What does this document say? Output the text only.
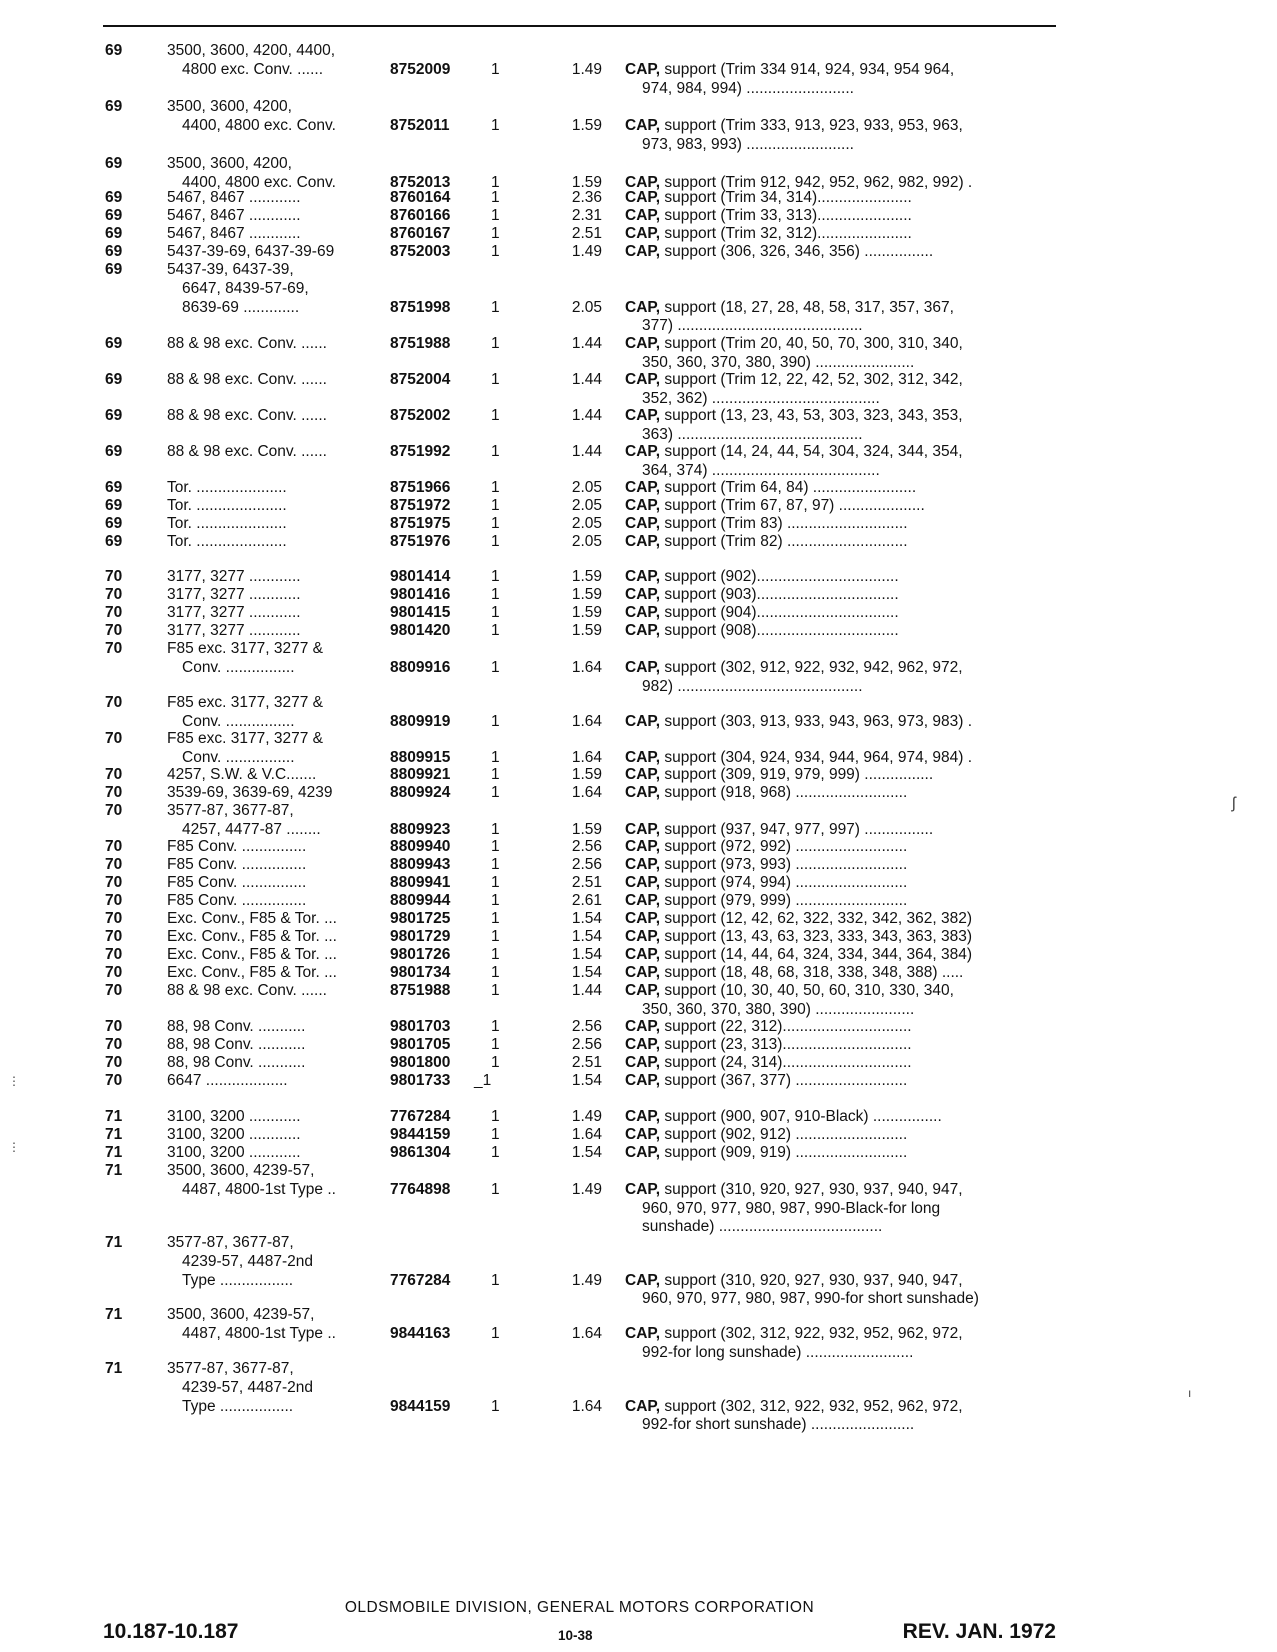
69	3500, 3600, 4200, 4400,
4800 exc. Conv. ......	8752009	1	1.49 CAP, support (Trim 334 914, 924, 934, 954 964,
974, 984, 994) .........................
69	3500, 3600, 4200,
4400, 4800 exc. Conv.	8752011	1	1.59 CAP, support (Trim 333, 913, 923, 933, 953, 963,
973, 983, 993) .........................
69	3500, 3600, 4200,
4400, 4800 exc. Conv.	8752013	1	1.59 CAP, support (Trim 912, 942, 952, 962, 982, 992) .
69	5467, 8467 ............	8760164	1	2.36 CAP, support (Trim 34, 314)......................
69	5467, 8467 ............	8760166	1	2.31 CAP, support (Trim 33, 313)......................
69	5467, 8467 ............	8760167	1	2.51 CAP, support (Trim 32, 312)......................
69	5437-39-69, 6437-39-69	8752003	1	1.49 CAP, support (306, 326, 346, 356) ................
69	5437-39, 6437-39,
6647, 8439-57-69,
8639-69 .............	8751998	1	2.05 CAP, support (18, 27, 28, 48, 58, 317, 357, 367,
377) ...........................................
69	88 & 98 exc. Conv. ......	8751988	1	1.44 CAP, support (Trim 20, 40, 50, 70, 300, 310, 340,
350, 360, 370, 380, 390) .......................
69	88 & 98 exc. Conv. ......	8752004	1	1.44 CAP, support (Trim 12, 22, 42, 52, 302, 312, 342,
352, 362) .......................................
69	88 & 98 exc. Conv. ......	8752002	1	1.44 CAP, support (13, 23, 43, 53, 303, 323, 343, 353,
363) ...........................................
69	88 & 98 exc. Conv. ......	8751992	1	1.44 CAP, support (14, 24, 44, 54, 304, 324, 344, 354,
364, 374) .......................................
69	Tor. .....................	8751966	1	2.05 CAP, support (Trim 64, 84) ........................
69	Tor. .....................	8751972	1	2.05 CAP, support (Trim 67, 87, 97) ....................
69	Tor. .....................	8751975	1	2.05 CAP, support (Trim 83) ............................
69	Tor. .....................	8751976	1	2.05 CAP, support (Trim 82) ............................
70	3177, 3277 ............	9801414	1	1.59 CAP, support (902).................................
70	3177, 3277 ............	9801416	1	1.59 CAP, support (903).................................
70	3177, 3277 ............	9801415	1	1.59 CAP, support (904).................................
70	3177, 3277 ............	9801420	1	1.59 CAP, support (908).................................
70	F85 exc. 3177, 3277 &
Conv. ................	8809916	1	1.64 CAP, support (302, 912, 922, 932, 942, 962, 972,
982) ...........................................
70	F85 exc. 3177, 3277 &
Conv. ................	8809919	1	1.64 CAP, support (303, 913, 933, 943, 963, 973, 983) .
70	F85 exc. 3177, 3277 &
Conv. ................	8809915	1	1.64 CAP, support (304, 924, 934, 944, 964, 974, 984) .
70	4257, S.W. & V.C.......	8809921	1	1.59 CAP, support (309, 919, 979, 999) ................
70	3539-69, 3639-69, 4239	8809924	1	1.64 CAP, support (918, 968) ..........................
70	3577-87, 3677-87,
4257, 4477-87 ........	8809923	1	1.59 CAP, support (937, 947, 977, 997) ................
70	F85 Conv. ...............	8809940	1	2.56 CAP, support (972, 992) ..........................
70	F85 Conv. ...............	8809943	1	2.56 CAP, support (973, 993) ..........................
70	F85 Conv. ...............	8809941	1	2.51 CAP, support (974, 994) ..........................
70	F85 Conv. ...............	8809944	1	2.61 CAP, support (979, 999) ..........................
70	Exc. Conv., F85 & Tor. ...	9801725	1	1.54 CAP, support (12, 42, 62, 322, 332, 342, 362, 382)
70	Exc. Conv., F85 & Tor. ...	9801729	1	1.54 CAP, support (13, 43, 63, 323, 333, 343, 363, 383)
70	Exc. Conv., F85 & Tor. ...	9801726	1	1.54 CAP, support (14, 44, 64, 324, 334, 344, 364, 384)
70	Exc. Conv., F85 & Tor. ...	9801734	1	1.54 CAP, support (18, 48, 68, 318, 338, 348, 388) .....
70	88 & 98 exc. Conv. ......	8751988	1	1.44 CAP, support (10, 30, 40, 50, 60, 310, 330, 340,
350, 360, 370, 380, 390) .......................
70	88, 98 Conv. ...........	9801703	1	2.56 CAP, support (22, 312)..............................
70	88, 98 Conv. ...........	9801705	1	2.56 CAP, support (23, 313)..............................
70	88, 98 Conv. ...........	9801800	1	2.51 CAP, support (24, 314)..............................
70	6647 ...................	9801733	_1	1.54 CAP, support (367, 377) ..........................
71	3100, 3200 ............	7767284	1	1.49 CAP, support (900, 907, 910-Black) ................
71	3100, 3200 ............	9844159	1	1.64 CAP, support (902, 912) ..........................
71	3100, 3200 ............	9861304	1	1.54 CAP, support (909, 919) ..........................
71	3500, 3600, 4239-57,
4487, 4800-1st Type ..	7764898	1	1.49 CAP, support (310, 920, 927, 930, 937, 940, 947,
960, 970, 977, 980, 987, 990-Black-for long
sunshade) ......................................
71	3577-87, 3677-87,
4239-57, 4487-2nd
Type .................	7767284	1	1.49 CAP, support (310, 920, 927, 930, 937, 940, 947,
960, 970, 977, 980, 987, 990-for short sunshade)
71	3500, 3600, 4239-57,
4487, 4800-1st Type ..	9844163	1	1.64 CAP, support (302, 312, 922, 932, 952, 962, 972,
992-for long sunshade) .........................
71	3577-87, 3677-87,
4239-57, 4487-2nd
Type .................	9844159	1	1.64 CAP, support (302, 312, 922, 932, 952, 962, 972,
992-for short sunshade) ........................
OLDSMOBILE DIVISION, GENERAL MOTORS CORPORATION
10.187-10.187	10-38	REV. JAN. 1972
ʃ
ı
⋮
⋮
